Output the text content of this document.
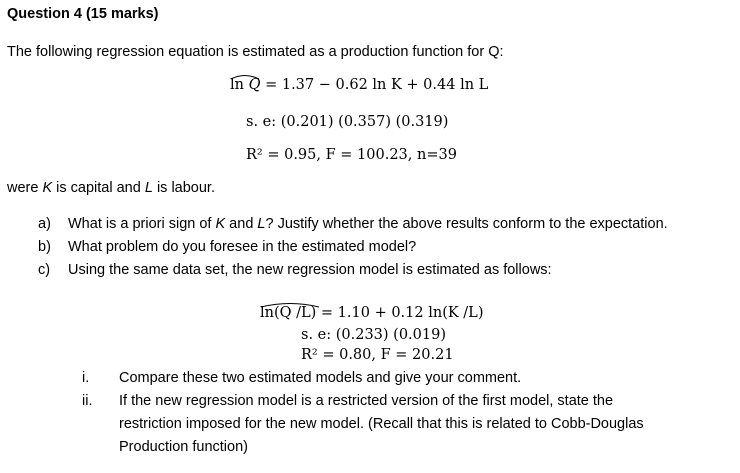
Question 4 (15 marks)
The following regression equation is estimated as a production function for Q:
ln Q = 1.37 − 0.62 ln K + 0.44 ln L
s. e: (0.201) (0.357) (0.319)
R² = 0.95, F = 100.23, n=39
were K is capital and L is labour.
a) What is a priori sign of K and L? Justify whether the above results conform to the expectation.
b) What problem do you foresee in the estimated model?
c) Using the same data set, the new regression model is estimated as follows:
ln(Q /L) = 1.10 + 0.12 ln(K /L)
s. e: (0.233) (0.019)
R² = 0.80, F = 20.21
i. Compare these two estimated models and give your comment.
ii. If the new regression model is a restricted version of the first model, state the
restriction imposed for the new model. (Recall that this is related to Cobb-Douglas
Production function)
